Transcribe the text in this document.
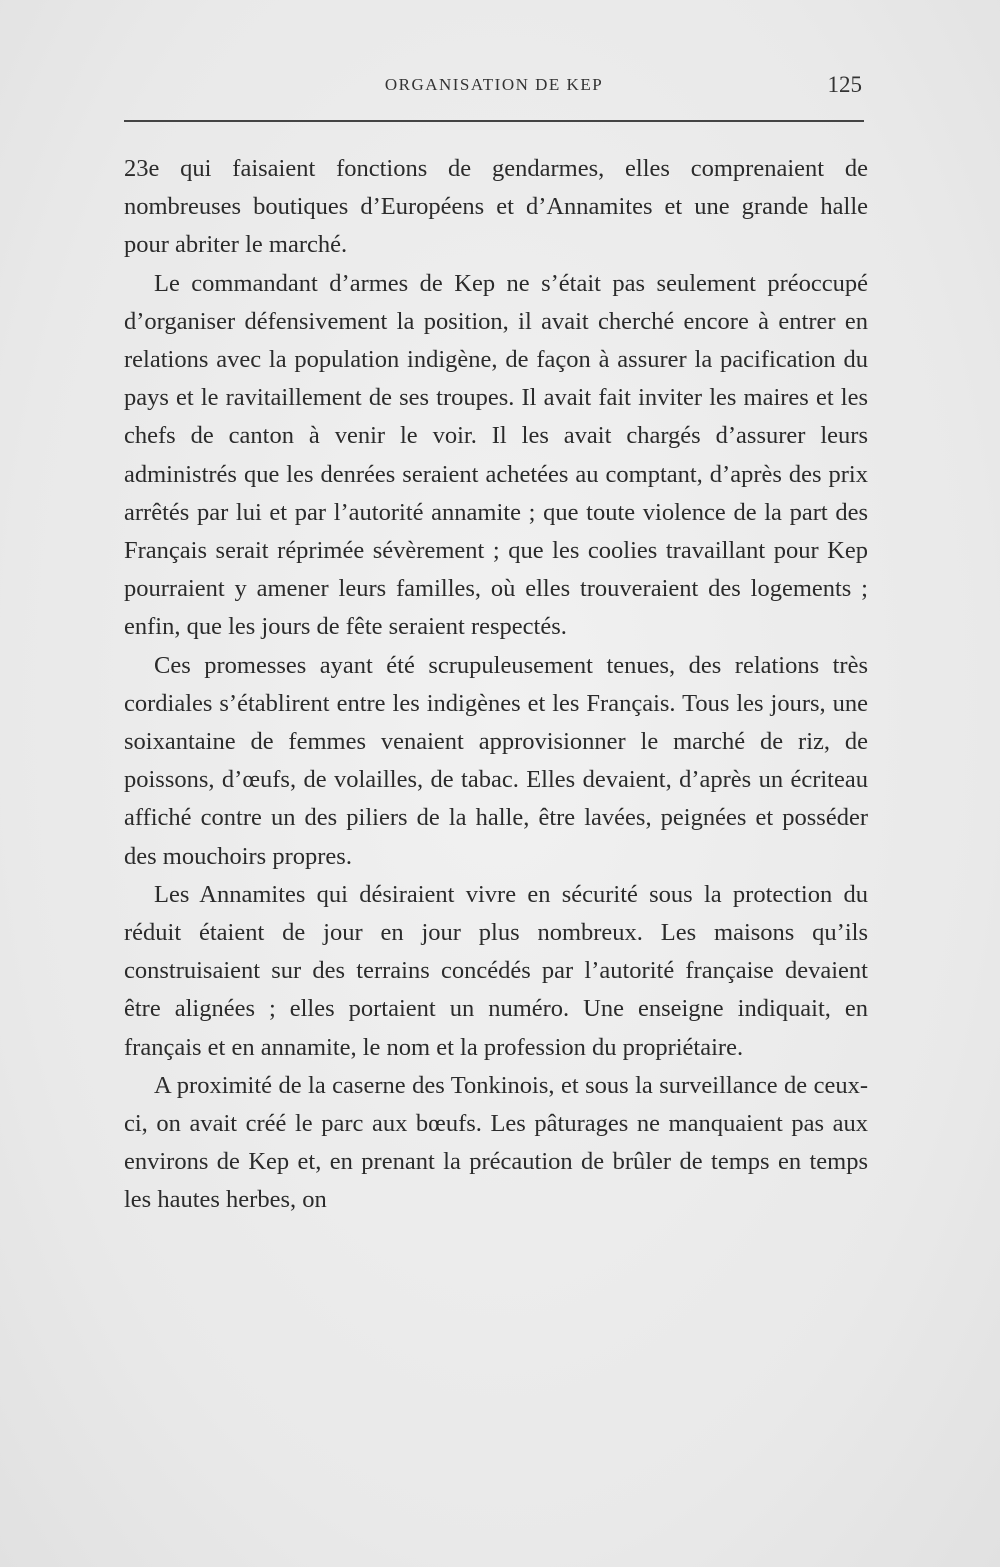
ORGANISATION DE KEP	125

23e qui faisaient fonctions de gendarmes, elles comprenaient de nombreuses boutiques d’Européens et d’Annamites et une grande halle pour abriter le marché.

Le commandant d’armes de Kep ne s’était pas seulement préoccupé d’organiser défensivement la position, il avait cherché encore à entrer en relations avec la population indigène, de façon à assurer la pacification du pays et le ravitaillement de ses troupes. Il avait fait inviter les maires et les chefs de canton à venir le voir. Il les avait chargés d’assurer leurs administrés que les denrées seraient achetées au comptant, d’après des prix arrêtés par lui et par l’autorité annamite ; que toute violence de la part des Français serait réprimée sévèrement ; que les coolies travaillant pour Kep pourraient y amener leurs familles, où elles trouveraient des logements ; enfin, que les jours de fête seraient respectés.

Ces promesses ayant été scrupuleusement tenues, des relations très cordiales s’établirent entre les indigènes et les Français. Tous les jours, une soixantaine de femmes venaient approvisionner le marché de riz, de poissons, d’œufs, de volailles, de tabac. Elles devaient, d’après un écriteau affiché contre un des piliers de la halle, être lavées, peignées et posséder des mouchoirs propres.

Les Annamites qui désiraient vivre en sécurité sous la protection du réduit étaient de jour en jour plus nombreux. Les maisons qu’ils construisaient sur des terrains concédés par l’autorité française devaient être alignées ; elles portaient un numéro. Une enseigne indiquait, en français et en annamite, le nom et la profession du propriétaire.

A proximité de la caserne des Tonkinois, et sous la surveillance de ceux-ci, on avait créé le parc aux bœufs. Les pâturages ne manquaient pas aux environs de Kep et, en prenant la précaution de brûler de temps en temps les hautes herbes, on
